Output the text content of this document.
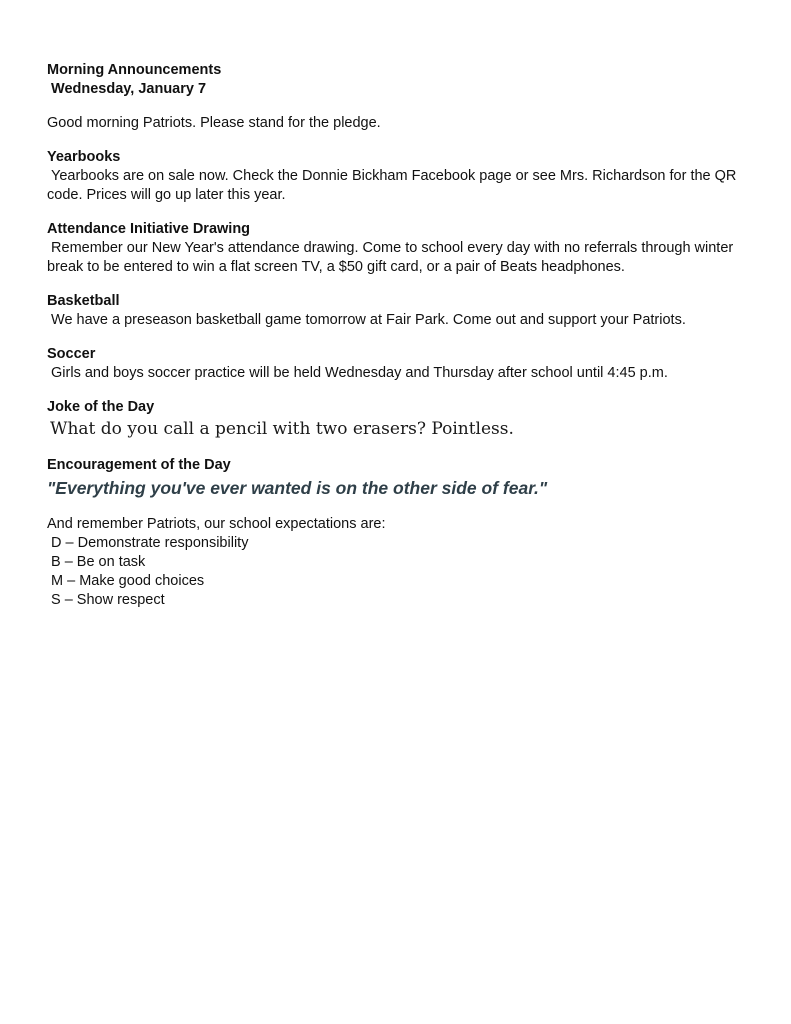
Morning Announcements
Wednesday, January 7
Good morning Patriots. Please stand for the pledge.
Yearbooks
Yearbooks are on sale now. Check the Donnie Bickham Facebook page or see Mrs. Richardson for the QR code. Prices will go up later this year.
Attendance Initiative Drawing
Remember our New Year's attendance drawing. Come to school every day with no referrals through winter break to be entered to win a flat screen TV, a $50 gift card, or a pair of Beats headphones.
Basketball
We have a preseason basketball game tomorrow at Fair Park. Come out and support your Patriots.
Soccer
Girls and boys soccer practice will be held Wednesday and Thursday after school until 4:45 p.m.
Joke of the Day
What do you call a pencil with two erasers? Pointless.
Encouragement of the Day
"Everything you've ever wanted is on the other side of fear."
And remember Patriots, our school expectations are:
D – Demonstrate responsibility
B – Be on task
M – Make good choices
S – Show respect
